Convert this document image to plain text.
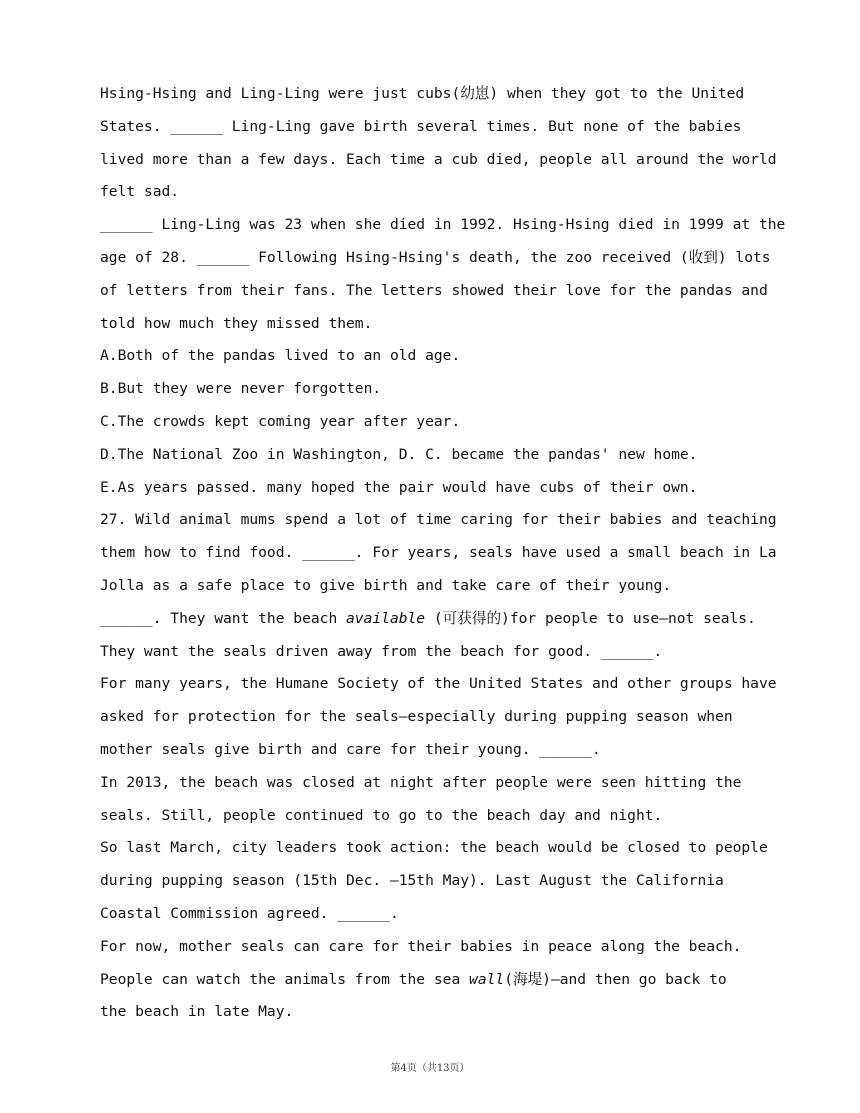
Hsing-Hsing and Ling-Ling were just cubs(幼崽) when they got to the United
States. ______ Ling-Ling gave birth several times. But none of the babies
lived more than a few days. Each time a cub died, people all around the world
felt sad.
______ Ling-Ling was 23 when she died in 1992. Hsing-Hsing died in 1999 at the
age of 28. ______ Following Hsing-Hsing's death, the zoo received (收到) lots
of letters from their fans. The letters showed their love for the pandas and
told how much they missed them.
A.Both of the pandas lived to an old age.
B.But they were never forgotten.
C.The crowds kept coming year after year.
D.The National Zoo in Washington, D. C. became the pandas' new home.
E.As years passed. many hoped the pair would have cubs of their own.
27. Wild animal mums spend a lot of time caring for their babies and teaching
them how to find food. ______. For years, seals have used a small beach in La
Jolla as a safe place to give birth and take care of their young.
______. They want the beach available (可获得的)for people to use—not seals.
They want the seals driven away from the beach for good. ______.
For many years, the Humane Society of the United States and other groups have
asked for protection for the seals—especially during pupping season when
mother seals give birth and care for their young. ______.
In 2013, the beach was closed at night after people were seen hitting the
seals. Still, people continued to go to the beach day and night.
So last March, city leaders took action: the beach would be closed to people
during pupping season (15th Dec. —15th May). Last August the California
Coastal Commission agreed. ______.
For now, mother seals can care for their babies in peace along the beach.
People can watch the animals from the sea wall(海堤)—and then go back to
the beach in late May.
第4页（共13页）
